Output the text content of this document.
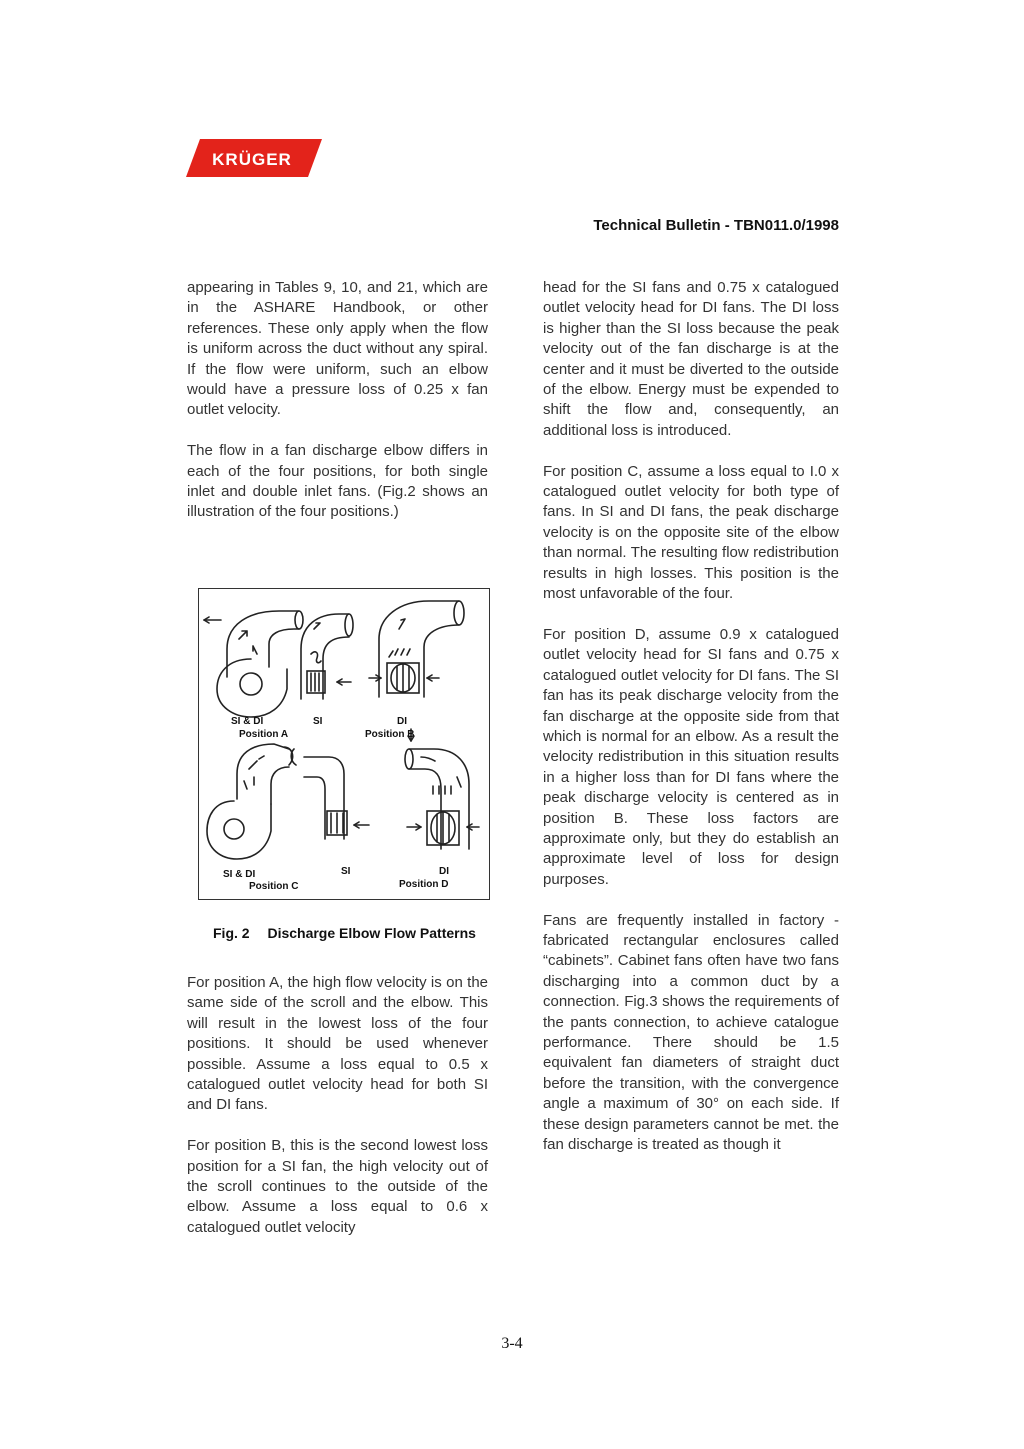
KRÜGER
Technical Bulletin - TBN011.0/1998

appearing in Tables 9, 10, and 21, which are in the ASHARE Handbook, or other references. These only apply when the flow is uniform across the duct without any spiral. If the flow were uniform, such an elbow would have a pressure loss of 0.25 x fan outlet velocity.

The flow in a fan discharge elbow differs in each of the four positions, for both single inlet and double inlet fans. (Fig.2 shows an illustration of the four positions.)

SI & DI
Position A
SI	DI
Position B
SI & DI
Position C
SI	DI
Position D
Fig. 2 Discharge Elbow Flow Patterns

For position A, the high flow velocity is on the same side of the scroll and the elbow. This will result in the lowest loss of the four positions. It should be used whenever possible. Assume a loss equal to 0.5 x catalogued outlet velocity head for both SI and DI fans.

For position B, this is the second lowest loss position for a SI fan, the high velocity out of the scroll continues to the outside of the elbow. Assume a loss equal to 0.6 x catalogued outlet velocity

head for the SI fans and 0.75 x catalogued outlet velocity head for DI fans. The DI loss is higher than the SI loss because the peak velocity out of the fan discharge is at the center and it must be diverted to the outside of the elbow. Energy must be expended to shift the flow and, consequently, an additional loss is introduced.

For position C, assume a loss equal to I.0 x catalogued outlet velocity for both type of fans. In SI and DI fans, the peak discharge velocity is on the opposite site of the elbow than normal. The resulting flow redistribution results in high losses. This position is the most unfavorable of the four.

For position D, assume 0.9 x catalogued outlet velocity head for SI fans and 0.75 x catalogued outlet velocity for DI fans. The SI fan has its peak discharge velocity from the fan discharge at the opposite side from that which is normal for an elbow. As a result the velocity redistribution in this situation results in a higher loss than for DI fans where the peak discharge velocity is centered as in position B. These loss factors are approximate only, but they do establish an approximate level of loss for design purposes.

Fans are frequently installed in factory - fabricated rectangular enclosures called “cabinets”. Cabinet fans often have two fans discharging into a common duct by a connection. Fig.3 shows the requirements of the pants connection, to achieve catalogue performance. There should be 1.5 equivalent fan diameters of straight duct before the transition, with the convergence angle a maximum of 30° on each side. If these design parameters cannot be met. the fan discharge is treated as though it

3-4
